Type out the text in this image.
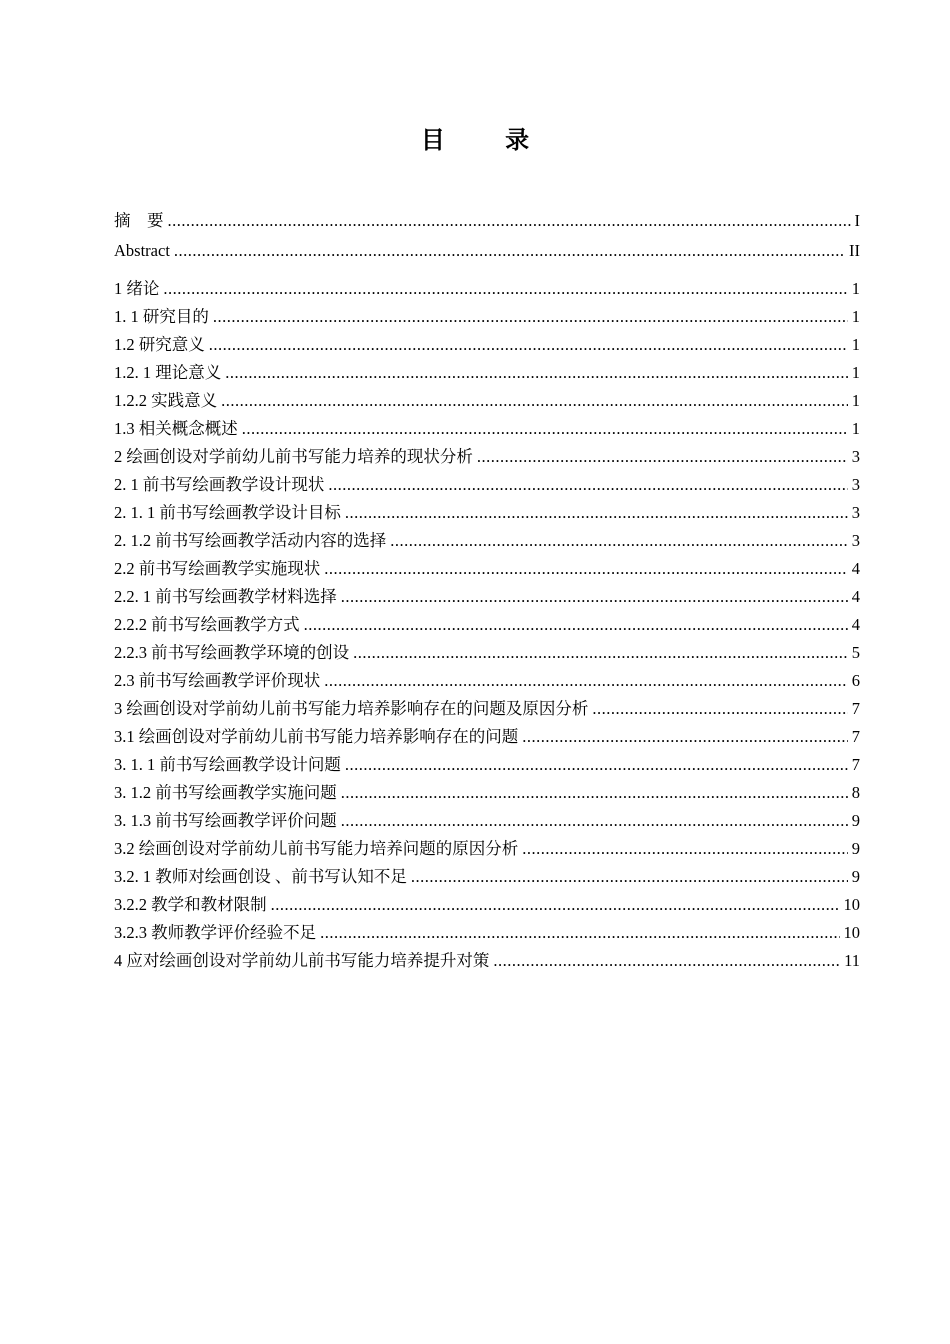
目 录
摘　要 .....	I
Abstract .....	II
1 绪论 .....	1
1. 1 研究目的 .....	1
1.2 研究意义 .....	1
1.2. 1 理论意义 .....	1
1.2.2 实践意义 .....	1
1.3 相关概念概述 .....	1
2 绘画创设对学前幼儿前书写能力培养的现状分析 .....	3
2. 1 前书写绘画教学设计现状 .....	3
2. 1. 1 前书写绘画教学设计目标 .....	3
2. 1.2 前书写绘画教学活动内容的选择 .....	3
2.2 前书写绘画教学实施现状 .....	4
2.2. 1 前书写绘画教学材料选择 .....	4
2.2.2 前书写绘画教学方式 .....	4
2.2.3 前书写绘画教学环境的创设 .....	5
2.3 前书写绘画教学评价现状 .....	6
3 绘画创设对学前幼儿前书写能力培养影响存在的问题及原因分析 .....	7
3.1 绘画创设对学前幼儿前书写能力培养影响存在的问题 .....	7
3. 1. 1 前书写绘画教学设计问题 .....	7
3. 1.2 前书写绘画教学实施问题 .....	8
3. 1.3 前书写绘画教学评价问题 .....	9
3.2 绘画创设对学前幼儿前书写能力培养问题的原因分析 .....	9
3.2. 1 教师对绘画创设 、前书写认知不足 .....	9
3.2.2 教学和教材限制 .....	10
3.2.3 教师教学评价经验不足 .....	10
4 应对绘画创设对学前幼儿前书写能力培养提升对策 .....	11
